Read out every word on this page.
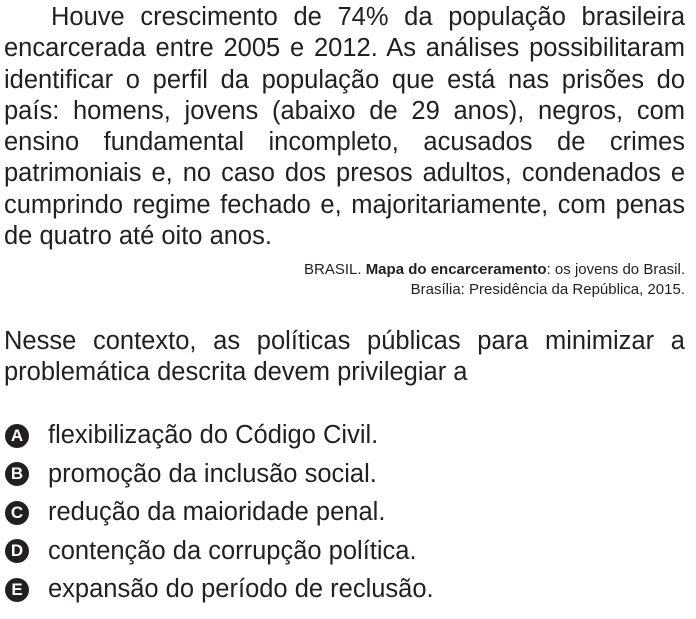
Houve crescimento de 74% da população brasileira encarcerada entre 2005 e 2012. As análises possibilitaram identificar o perfil da população que está nas prisões do país: homens, jovens (abaixo de 29 anos), negros, com ensino fundamental incompleto, acusados de crimes patrimoniais e, no caso dos presos adultos, condenados e cumprindo regime fechado e, majoritariamente, com penas de quatro até oito anos.

BRASIL. Mapa do encarceramento: os jovens do Brasil.
Brasília: Presidência da República, 2015.

Nesse contexto, as políticas públicas para minimizar a problemática descrita devem privilegiar a

A flexibilização do Código Civil.
B promoção da inclusão social.
C redução da maioridade penal.
D contenção da corrupção política.
E expansão do período de reclusão.
